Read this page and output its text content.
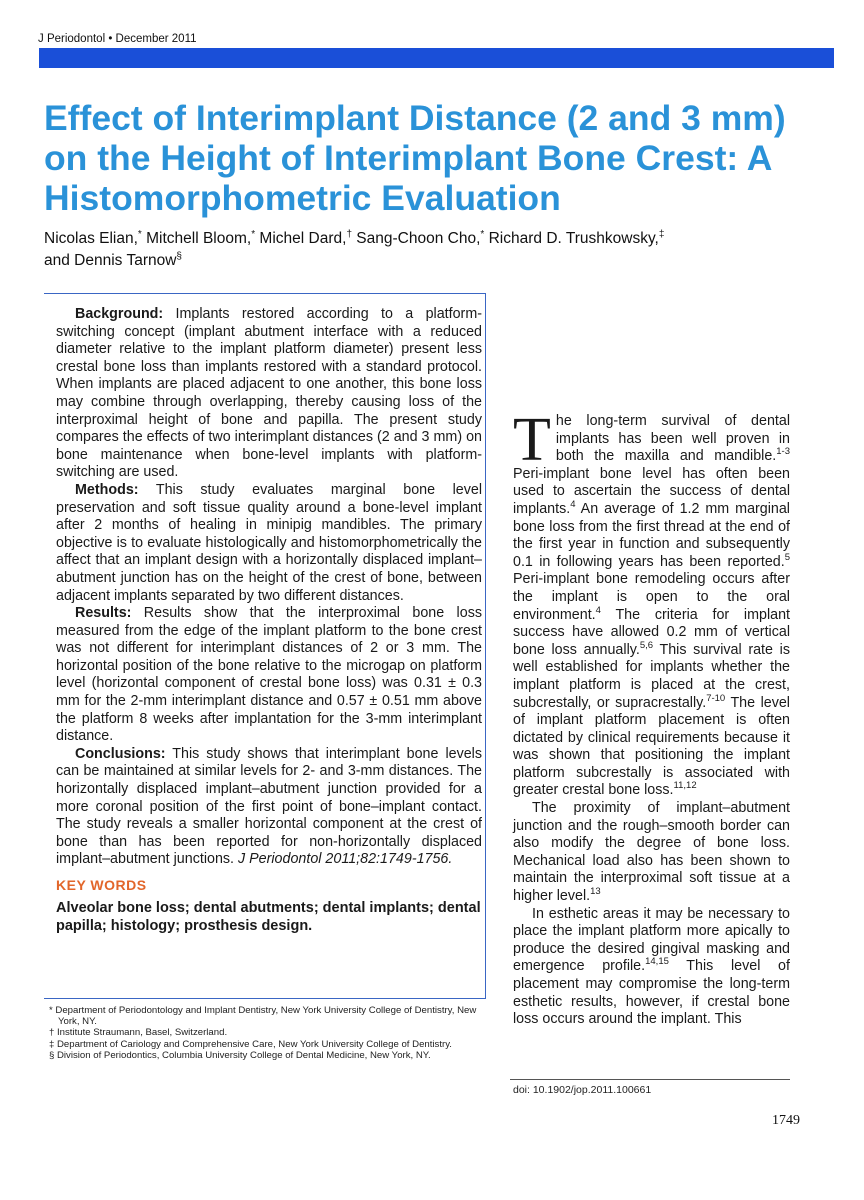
J Periodontol • December 2011
Effect of Interimplant Distance (2 and 3 mm) on the Height of Interimplant Bone Crest: A Histomorphometric Evaluation
Nicolas Elian,* Mitchell Bloom,* Michel Dard,† Sang-Choon Cho,* Richard D. Trushkowsky,‡
and Dennis Tarnow§

Background: Implants restored according to a platform-switching concept (implant abutment interface with a reduced diameter relative to the implant platform diameter) present less crestal bone loss than implants restored with a standard protocol. When implants are placed adjacent to one another, this bone loss may combine through overlapping, thereby causing loss of the interproximal height of bone and papilla. The present study compares the effects of two interimplant distances (2 and 3 mm) on bone maintenance when bone-level implants with platform-switching are used.

Methods: This study evaluates marginal bone level preservation and soft tissue quality around a bone-level implant after 2 months of healing in minipig mandibles. The primary objective is to evaluate histologically and histomorphometrically the affect that an implant design with a horizontally displaced implant–abutment junction has on the height of the crest of bone, between adjacent implants separated by two different distances.

Results: Results show that the interproximal bone loss measured from the edge of the implant platform to the bone crest was not different for interimplant distances of 2 or 3 mm. The horizontal position of the bone relative to the microgap on platform level (horizontal component of crestal bone loss) was 0.31 ± 0.3 mm for the 2-mm interimplant distance and 0.57 ± 0.51 mm above the platform 8 weeks after implantation for the 3-mm interimplant distance.

Conclusions: This study shows that interimplant bone levels can be maintained at similar levels for 2- and 3-mm distances. The horizontally displaced implant–abutment junction provided for a more coronal position of the first point of bone–implant contact. The study reveals a smaller horizontal component at the crest of bone than has been reported for non-horizontally displaced implant–abutment junctions. J Periodontol 2011;82:1749-1756.

KEY WORDS
Alveolar bone loss; dental abutments; dental implants; dental papilla; histology; prosthesis design.
* Department of Periodontology and Implant Dentistry, New York University College of Dentistry, New York, NY.
† Institute Straumann, Basel, Switzerland.
‡ Department of Cariology and Comprehensive Care, New York University College of Dentistry.
§ Division of Periodontics, Columbia University College of Dental Medicine, New York, NY.

The long-term survival of dental implants has been well proven in both the maxilla and mandible.$^{1-3}$ Peri-implant bone level has often been used to ascertain the success of dental implants.$^4$ An average of 1.2 mm marginal bone loss from the first thread at the end of the first year in function and subsequently 0.1 in following years has been reported.$^5$ Peri-implant bone remodeling occurs after the implant is open to the oral environment.$^4$ The criteria for implant success have allowed 0.2 mm of vertical bone loss annually.$^{5,6}$ This survival rate is well established for implants whether the implant platform is placed at the crest, subcrestally, or supracrestally.$^{7-10}$ The level of implant platform placement is often dictated by clinical requirements because it was shown that positioning the implant platform subcrestally is associated with greater crestal bone loss.$^{11,12}$

The proximity of implant–abutment junction and the rough–smooth border can also modify the degree of bone loss. Mechanical load also has been shown to maintain the interproximal soft tissue at a higher level.$^{13}$

In esthetic areas it may be necessary to place the implant platform more apically to produce the desired gingival masking and emergence profile.$^{14,15}$ This level of placement may compromise the long-term esthetic results, however, if crestal bone loss occurs around the implant. This

doi: 10.1902/jop.2011.100661
1749
